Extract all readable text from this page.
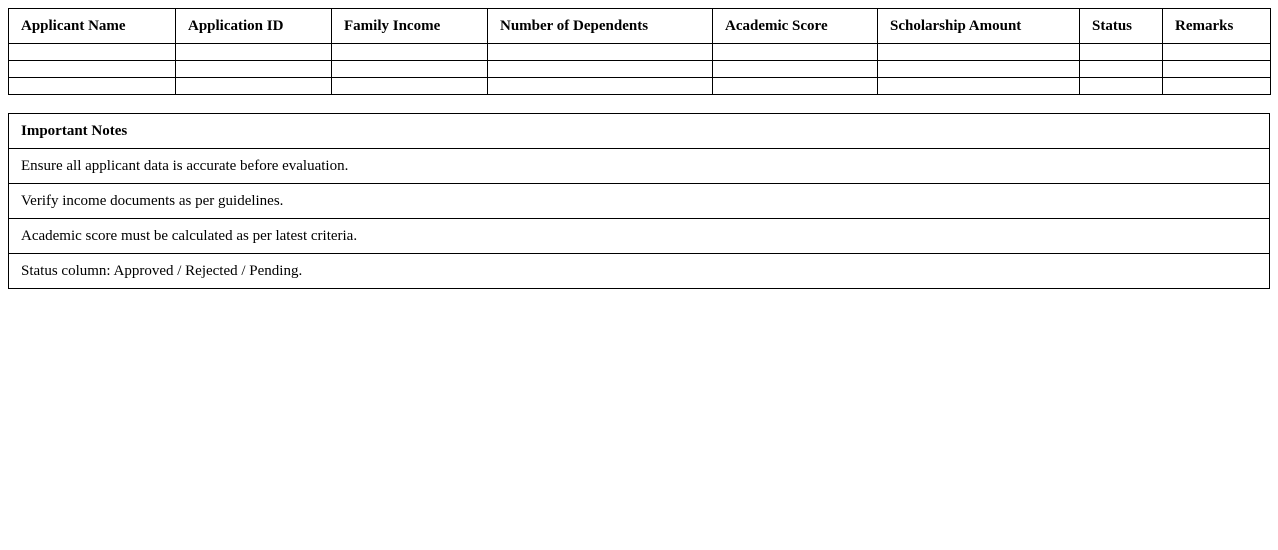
Applicant Name	Application ID	Family Income	Number of Dependents	Academic Score	Scholarship Amount	Status	Remarks

Important Notes
Ensure all applicant data is accurate before evaluation.
Verify income documents as per guidelines.
Academic score must be calculated as per latest criteria.
Status column: Approved / Rejected / Pending.
